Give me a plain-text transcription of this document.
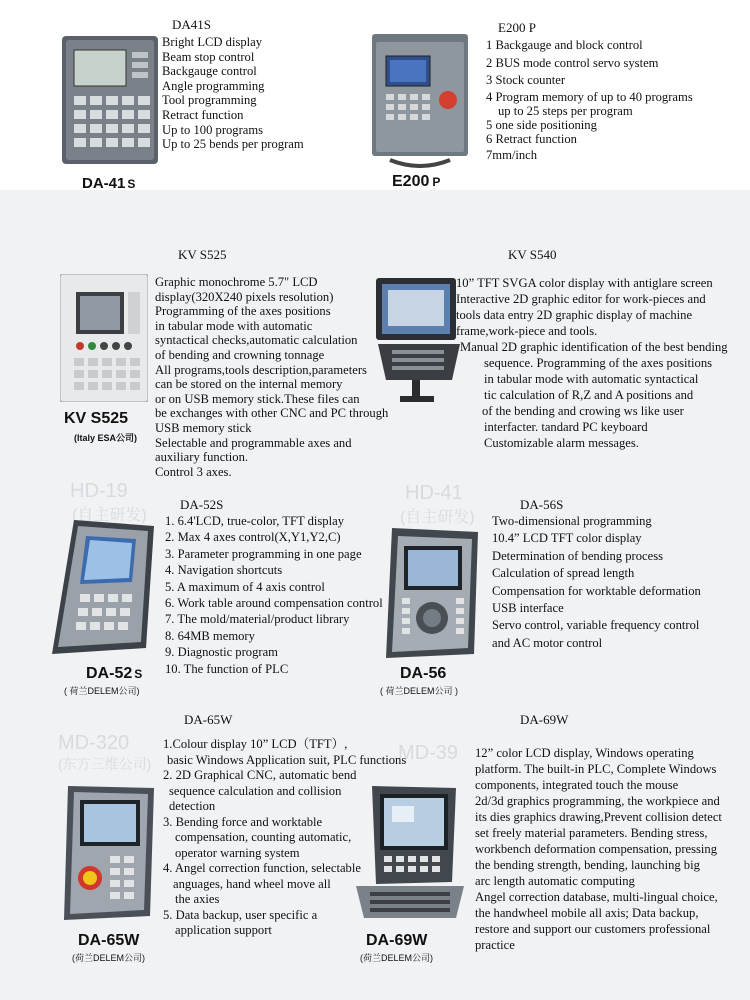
HD-19
(自主研发)
HD-41
(自主研发)
MD-320
(东方三维公司)	MD-39
DA-41 S
DA41S
Bright LCD display
Beam stop control
Backgauge control
Angle programming
Tool programming
Retract function
Up to 100 programs
Up to 25 bends per program
E200 P
E200 P
1 Backgauge and block control
2 BUS mode control servo system
3 Stock counter
4 Program memory of up to 40 programs
up to 25 steps per program
5 one side positioning
6 Retract function
7mm/inch
KV S525
KV S525
(Italy ESA公司)
Graphic monochrome 5.7" LCD
display(320X240 pixels resolution)
Programming of the axes positions
in tabular mode with automatic
syntactical checks,automatic calculation
of bending and crowning tonnage
All programs,tools description,parameters
can be stored on the internal memory
or on USB memory stick.These files can
be exchanges with other CNC and PC through
USB memory stick
Selectable and programmable axes and
auxiliary function.
Control 3 axes.
KV S540
10” TFT SVGA color display with antiglare screen
Interactive 2D graphic editor for work-pieces and
tools data entry 2D graphic display of machine
frame,work-piece and tools.
Manual 2D graphic identification of the best bending
sequence. Programming of the axes positions
in tabular mode with automatic syntactical
tic calculation of R,Z and A positions and
of the bending and crowing ws like user
interfacter. tandard PC keyboard
Customizable alarm messages.
DA-52S
DA-52 S
( 荷兰DELEM公司)
1. 6.4'LCD, true-color, TFT display
2. Max 4 axes control(X,Y1,Y2,C)
3. Parameter programming in one page
4. Navigation shortcuts
5. A maximum of 4 axis control
6. Work table around compensation control
7. The mold/material/product library
8. 64MB memory
9. Diagnostic program
10. The function of PLC
DA-56S
DA-56
( 荷兰DELEM公司 )
Two-dimensional programming
10.4” LCD TFT color display
Determination of bending process
Calculation of spread length
Compensation for worktable deformation
USB interface
Servo control, variable frequency control
and AC motor control
DA-65W
DA-65W
(荷兰DELEM公司)
1.Colour display 10” LCD（TFT）,
basic Windows Application suit, PLC functions
2. 2D Graphical CNC, automatic bend
sequence calculation and collision
detection
3. Bending force and worktable
compensation, counting automatic,
operator warning system
4. Angel correction function, selectable
anguages, hand wheel move all
the axies
5. Data backup, user specific a
application support
DA-69W
DA-69W
(荷兰DELEM公司)
12” color LCD display, Windows operating
platform. The built-in PLC, Complete Windows
components, integrated touch the mouse
2d/3d graphics programming, the workpiece and
its dies graphics drawing,Prevent collision detect
set freely material parameters. Bending stress,
workbench deformation compensation, pressing
the bending strength, bending, launching big
arc length automatic computing
Angel correction database, multi-lingual choice,
the handwheel mobile all axis; Data backup,
restore and support our customers professional
practice
